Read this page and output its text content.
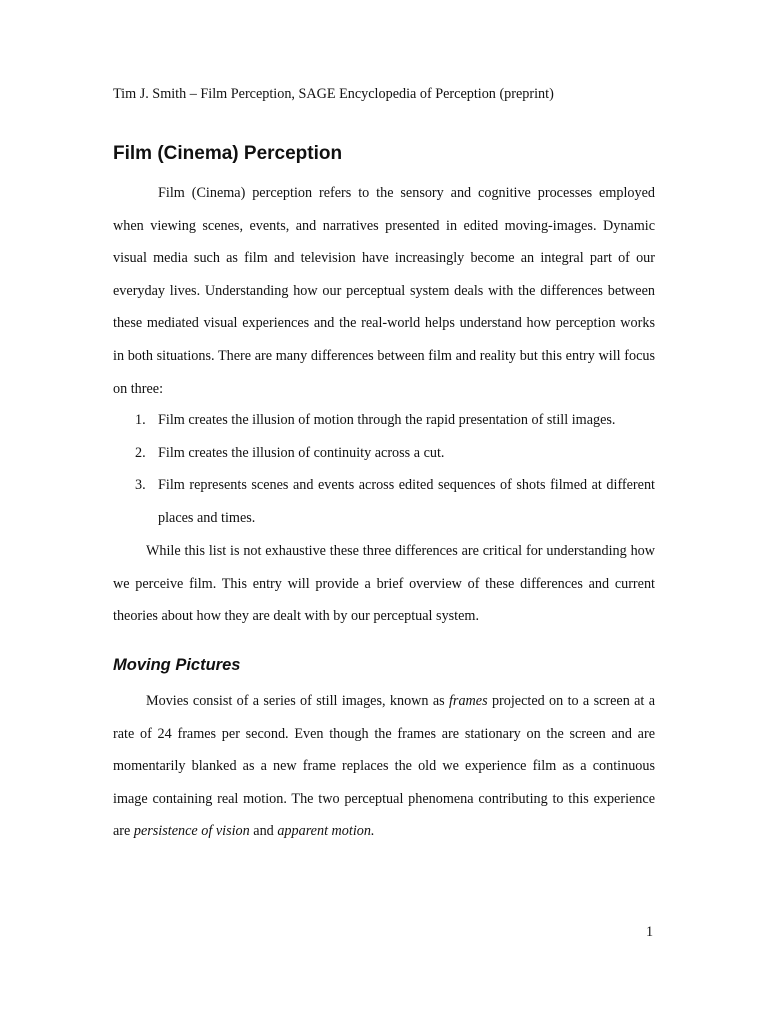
Tim J. Smith – Film Perception, SAGE Encyclopedia of Perception (preprint)
Film (Cinema) Perception

Film (Cinema) perception refers to the sensory and cognitive processes employed when viewing scenes, events, and narratives presented in edited moving-images. Dynamic visual media such as film and television have increasingly become an integral part of our everyday lives. Understanding how our perceptual system deals with the differences between these mediated visual experiences and the real-world helps understand how perception works in both situations. There are many differences between film and reality but this entry will focus on three:

1. Film creates the illusion of motion through the rapid presentation of still images.
2. Film creates the illusion of continuity across a cut.
3. Film represents scenes and events across edited sequences of shots filmed at different places and times.

While this list is not exhaustive these three differences are critical for understanding how we perceive film. This entry will provide a brief overview of these differences and current theories about how they are dealt with by our perceptual system.

Moving Pictures

Movies consist of a series of still images, known as frames projected on to a screen at a rate of 24 frames per second. Even though the frames are stationary on the screen and are momentarily blanked as a new frame replaces the old we experience film as a continuous image containing real motion. The two perceptual phenomena contributing to this experience are persistence of vision and apparent motion.

1
